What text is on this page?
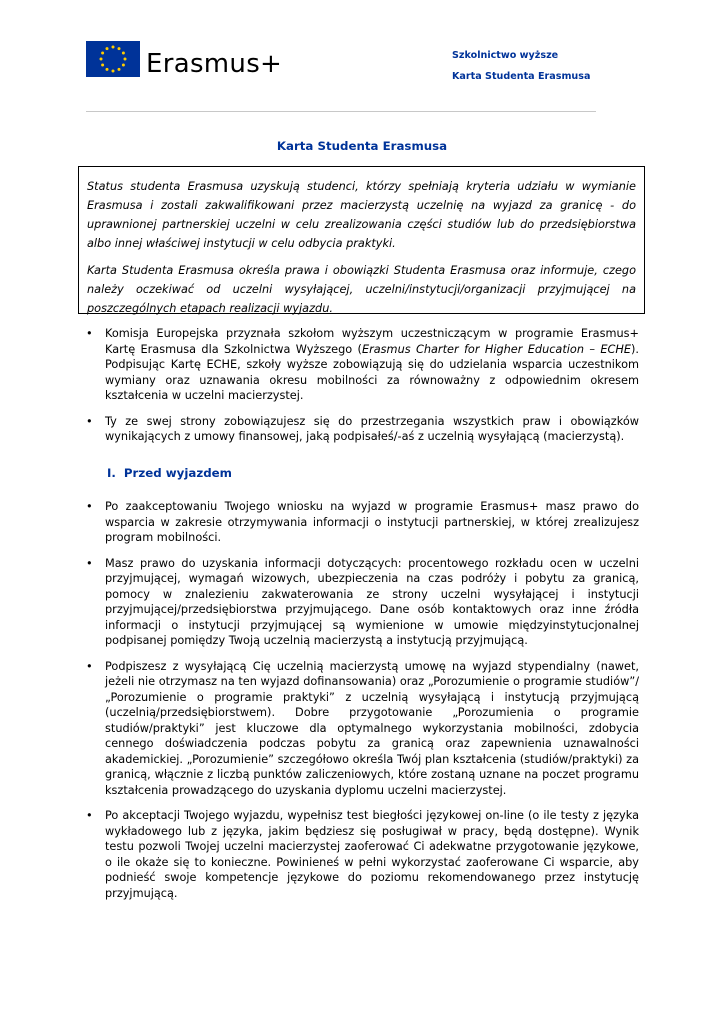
Erasmus+	Szkolnictwo wyższe
Karta Studenta Erasmusa
Karta Studenta Erasmusa

Status studenta Erasmusa uzyskują studenci, którzy spełniają kryteria udziału w wymianie Erasmusa i zostali zakwalifikowani przez macierzystą uczelnię na wyjazd za granicę - do uprawnionej partnerskiej uczelni w celu zrealizowania części studiów lub do przedsiębiorstwa albo innej właściwej instytucji w celu odbycia praktyki.

Karta Studenta Erasmusa określa prawa i obowiązki Studenta Erasmusa oraz informuje, czego należy oczekiwać od uczelni wysyłającej, uczelni/instytucji/organizacji przyjmującej na poszczególnych etapach realizacji wyjazdu.

• Komisja Europejska przyznała szkołom wyższym uczestniczącym w programie Erasmus+ Kartę Erasmusa dla Szkolnictwa Wyższego (Erasmus Charter for Higher Education – ECHE). Podpisując Kartę ECHE, szkoły wyższe zobowiązują się do udzielania wsparcia uczestnikom wymiany oraz uznawania okresu mobilności za równoważny z odpowiednim okresem kształcenia w uczelni macierzystej.
• Ty ze swej strony zobowiązujesz się do przestrzegania wszystkich praw i obowiązków wynikających z umowy finansowej, jaką podpisałeś/-aś z uczelnią wysyłającą (macierzystą).
I. Przed wyjazdem
• Po zaakceptowaniu Twojego wniosku na wyjazd w programie Erasmus+ masz prawo do wsparcia w zakresie otrzymywania informacji o instytucji partnerskiej, w której zrealizujesz program mobilności.
• Masz prawo do uzyskania informacji dotyczących: procentowego rozkładu ocen w uczelni przyjmującej, wymagań wizowych, ubezpieczenia na czas podróży i pobytu za granicą, pomocy w znalezieniu zakwaterowania ze strony uczelni wysyłającej i instytucji przyjmującej/przedsiębiorstwa przyjmującego. Dane osób kontaktowych oraz inne źródła informacji o instytucji przyjmującej są wymienione w umowie międzyinstytucjonalnej podpisanej pomiędzy Twoją uczelnią macierzystą a instytucją przyjmującą.
• Podpiszesz z wysyłającą Cię uczelnią macierzystą umowę na wyjazd stypendialny (nawet, jeżeli nie otrzymasz na ten wyjazd dofinansowania) oraz „Porozumienie o programie studiów”/ „Porozumienie o programie praktyki” z uczelnią wysyłającą i instytucją przyjmującą (uczelnią/przedsiębiorstwem). Dobre przygotowanie „Porozumienia o programie studiów/praktyki” jest kluczowe dla optymalnego wykorzystania mobilności, zdobycia cennego doświadczenia podczas pobytu za granicą oraz zapewnienia uznawalności akademickiej. „Porozumienie” szczegółowo określa Twój plan kształcenia (studiów/praktyki) za granicą, włącznie z liczbą punktów zaliczeniowych, które zostaną uznane na poczet programu kształcenia prowadzącego do uzyskania dyplomu uczelni macierzystej.
• Po akceptacji Twojego wyjazdu, wypełnisz test biegłości językowej on-line (o ile testy z języka wykładowego lub z języka, jakim będziesz się posługiwał w pracy, będą dostępne). Wynik testu pozwoli Twojej uczelni macierzystej zaoferować Ci adekwatne przygotowanie językowe, o ile okaże się to konieczne. Powinieneś w pełni wykorzystać zaoferowane Ci wsparcie, aby podnieść swoje kompetencje językowe do poziomu rekomendowanego przez instytucję przyjmującą.
